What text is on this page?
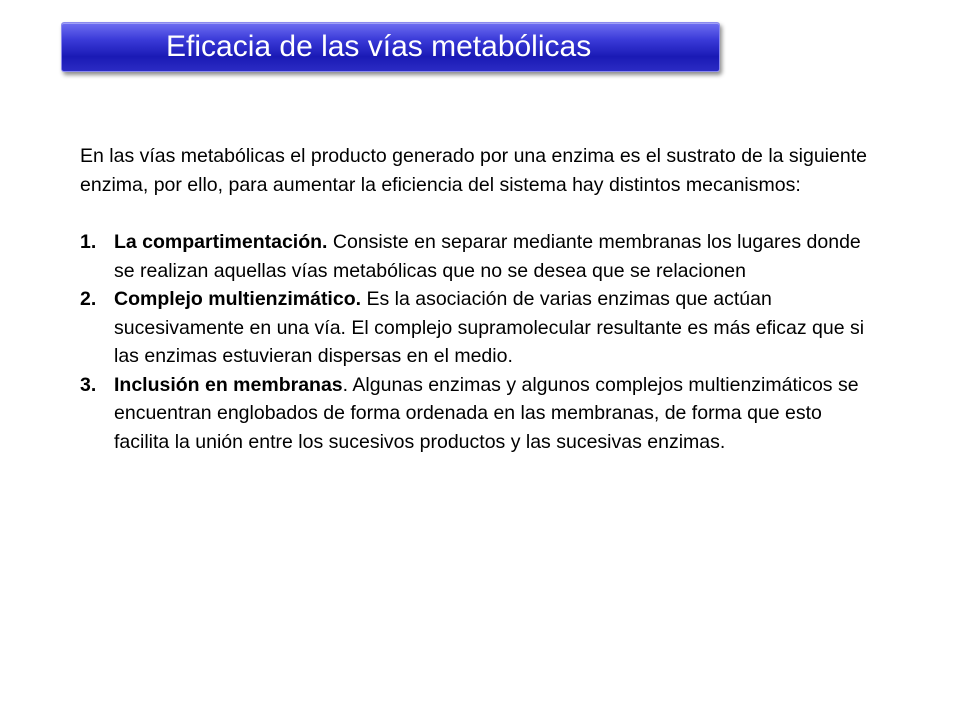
Eficacia de las vías metabólicas

En las vías metabólicas el producto generado por una enzima es el sustrato de la siguiente enzima, por ello, para aumentar la eficiencia del sistema hay distintos mecanismos:

1. La compartimentación. Consiste en separar mediante membranas los lugares donde se realizan aquellas vías metabólicas que no se desea que se relacionen
2. Complejo multienzimático. Es la asociación de varias enzimas que actúan sucesivamente en una vía. El complejo supramolecular resultante es más eficaz que si las enzimas estuvieran dispersas en el medio.
3. Inclusión en membranas. Algunas enzimas y algunos complejos multienzimáticos se encuentran englobados de forma ordenada en las membranas, de forma que esto facilita la unión entre los sucesivos productos y las sucesivas enzimas.
